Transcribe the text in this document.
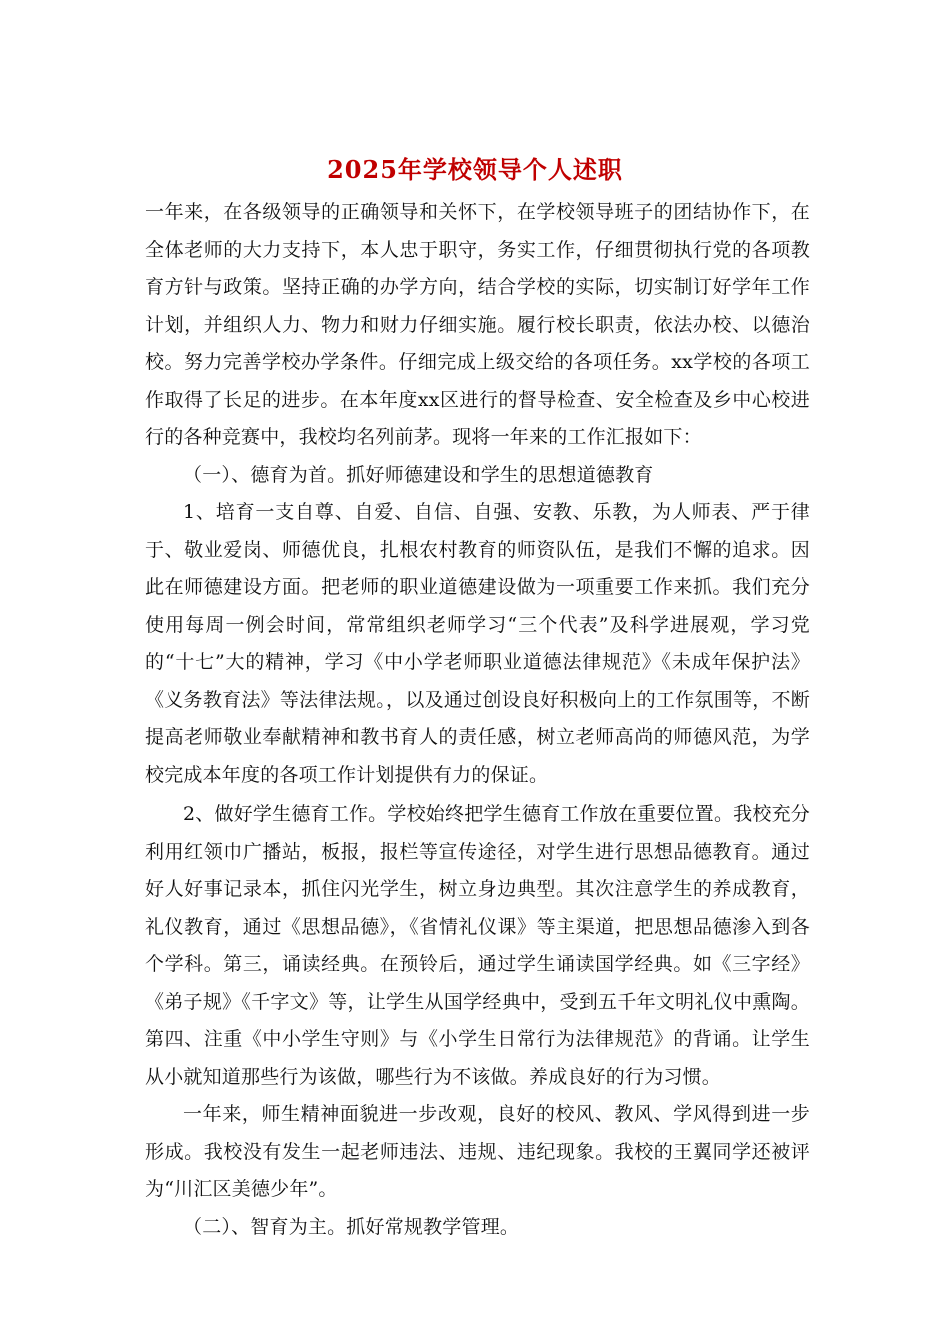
2025年学校领导个人述职

一年来，在各级领导的正确领导和关怀下，在学校领导班子的团结协作下，在全体老师的大力支持下，本人忠于职守，务实工作，仔细贯彻执行党的各项教育方针与政策。坚持正确的办学方向，结合学校的实际，切实制订好学年工作计划，并组织人力、物力和财力仔细实施。履行校长职责，依法办校、以德治校。努力完善学校办学条件。仔细完成上级交给的各项任务。xx学校的各项工作取得了长足的进步。在本年度xx区进行的督导检查、安全检查及乡中心校进行的各种竞赛中，我校均名列前茅。现将一年来的工作汇报如下：

（一）、德育为首。抓好师德建设和学生的思想道德教育

1、培育一支自尊、自爱、自信、自强、安教、乐教，为人师表、严于律于、敬业爱岗、师德优良，扎根农村教育的师资队伍，是我们不懈的追求。因此在师德建设方面。把老师的职业道德建设做为一项重要工作来抓。我们充分使用每周一例会时间，常常组织老师学习“三个代表”及科学进展观，学习党的“十七”大的精神，学习《中小学老师职业道德法律规范》《未成年保护法》《义务教育法》等法律法规。，以及通过创设良好积极向上的工作氛围等，不断提高老师敬业奉献精神和教书育人的责任感，树立老师高尚的师德风范，为学校完成本年度的各项工作计划提供有力的保证。

2、做好学生德育工作。学校始终把学生德育工作放在重要位置。我校充分利用红领巾广播站，板报，报栏等宣传途径，对学生进行思想品德教育。通过好人好事记录本，抓住闪光学生，树立身边典型。其次注意学生的养成教育，礼仪教育，通过《思想品德》，《省情礼仪课》等主渠道，把思想品德渗入到各个学科。第三，诵读经典。在预铃后，通过学生诵读国学经典。如《三字经》《弟子规》《千字文》等，让学生从国学经典中，受到五千年文明礼仪中熏陶。第四、注重《中小学生守则》与《小学生日常行为法律规范》的背诵。让学生从小就知道那些行为该做，哪些行为不该做。养成良好的行为习惯。

一年来，师生精神面貌进一步改观，良好的校风、教风、学风得到进一步形成。我校没有发生一起老师违法、违规、违纪现象。我校的王翼同学还被评为“川汇区美德少年”。

（二）、智育为主。抓好常规教学管理。
